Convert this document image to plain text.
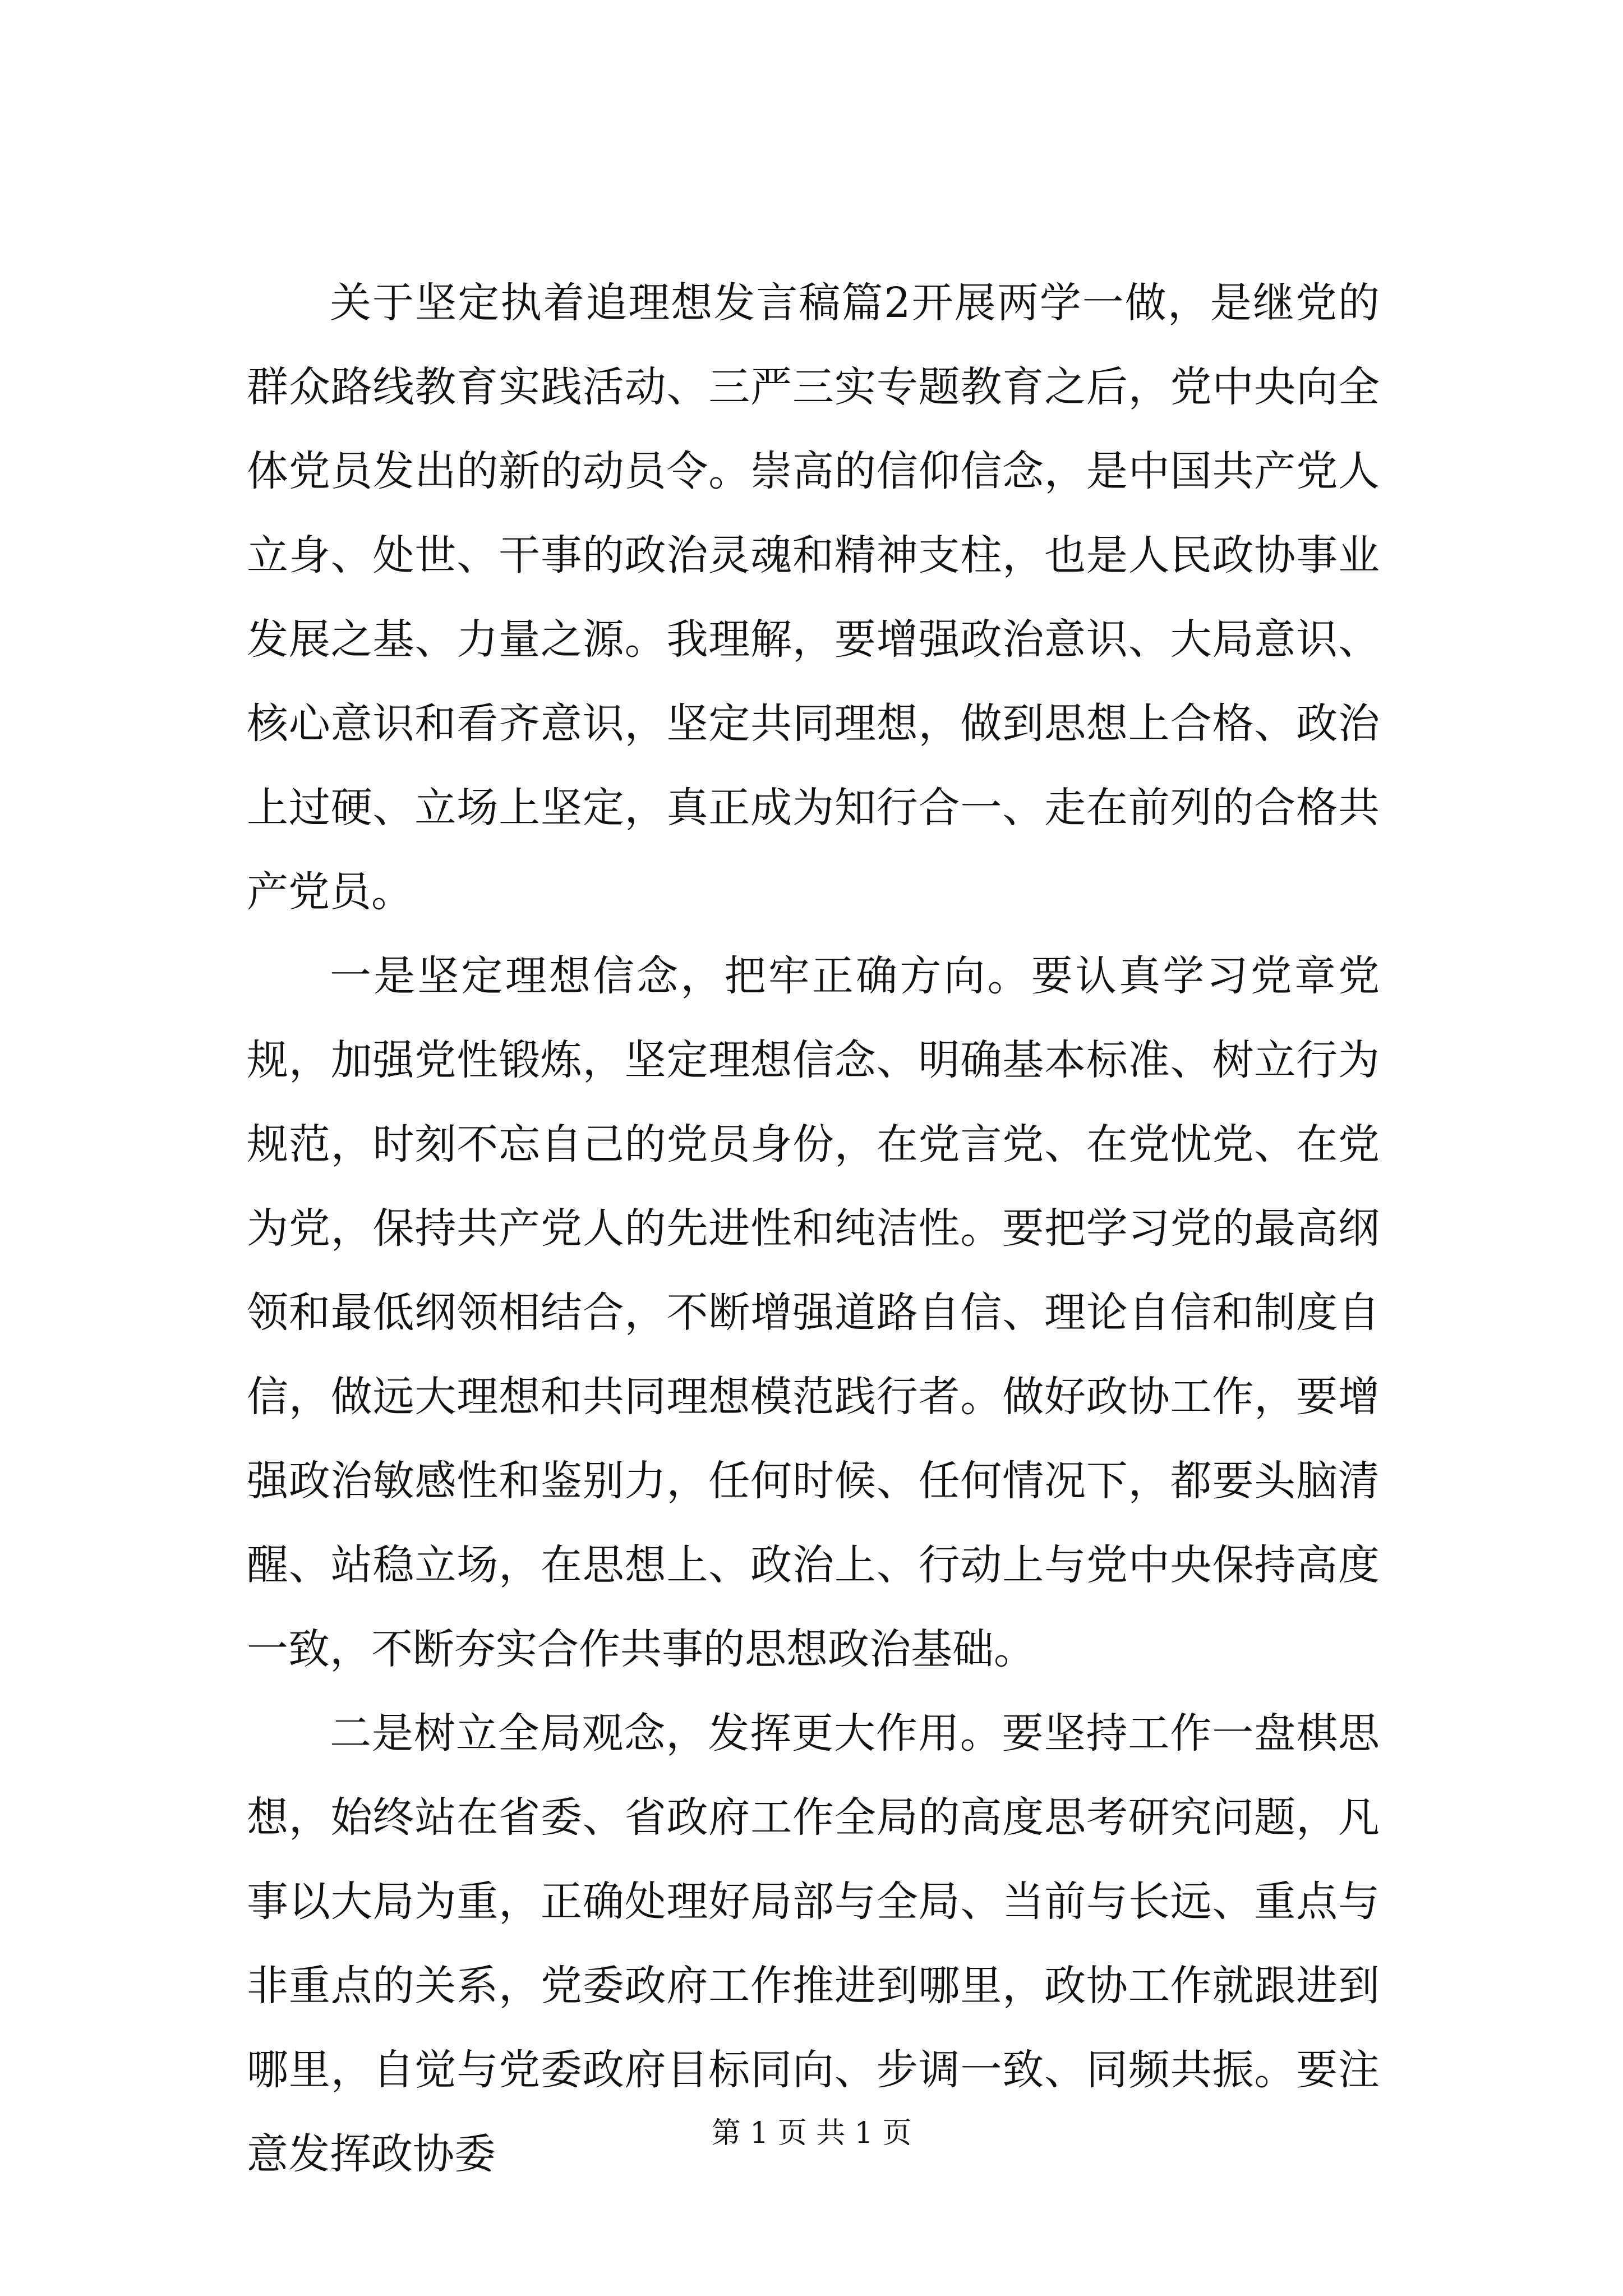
关于坚定执着追理想发言稿篇2开展两学一做，是继党的群众路线教育实践活动、三严三实专题教育之后，党中央向全体党员发出的新的动员令。崇高的信仰信念，是中国共产党人立身、处世、干事的政治灵魂和精神支柱，也是人民政协事业发展之基、力量之源。我理解，要增强政治意识、大局意识、核心意识和看齐意识，坚定共同理想，做到思想上合格、政治上过硬、立场上坚定，真正成为知行合一、走在前列的合格共产党员。

一是坚定理想信念，把牢正确方向。要认真学习党章党规，加强党性锻炼，坚定理想信念、明确基本标准、树立行为规范，时刻不忘自己的党员身份，在党言党、在党忧党、在党为党，保持共产党人的先进性和纯洁性。要把学习党的最高纲领和最低纲领相结合，不断增强道路自信、理论自信和制度自信，做远大理想和共同理想模范践行者。做好政协工作，要增强政治敏感性和鉴别力，任何时候、任何情况下，都要头脑清醒、站稳立场，在思想上、政治上、行动上与党中央保持高度一致，不断夯实合作共事的思想政治基础。

二是树立全局观念，发挥更大作用。要坚持工作一盘棋思想，始终站在省委、省政府工作全局的高度思考研究问题，凡事以大局为重，正确处理好局部与全局、当前与长远、重点与非重点的关系，党委政府工作推进到哪里，政协工作就跟进到哪里，自觉与党委政府目标同向、步调一致、同频共振。要注意发挥政协委	第 1 页 共 1 页
